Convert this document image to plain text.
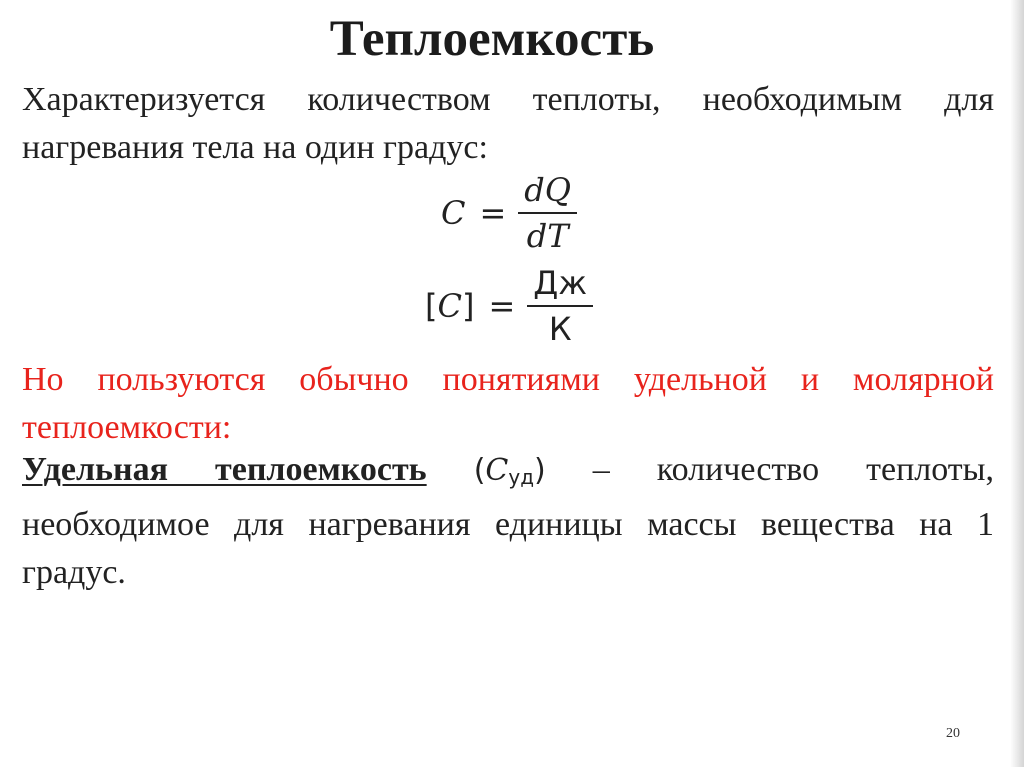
Теплоемкость

Характеризуется количеством теплоты, необходимым для нагревания тела на один градус:

$C = \frac{dQ}{dT}$
$[C] = \frac{Дж}{К}$

Но пользуются обычно понятиями удельной и молярной теплоемкости:

Удельная теплоемкость $(C_{уд})$ – количество теплоты, необходимое для нагревания единицы массы вещества на 1 градус.

20
